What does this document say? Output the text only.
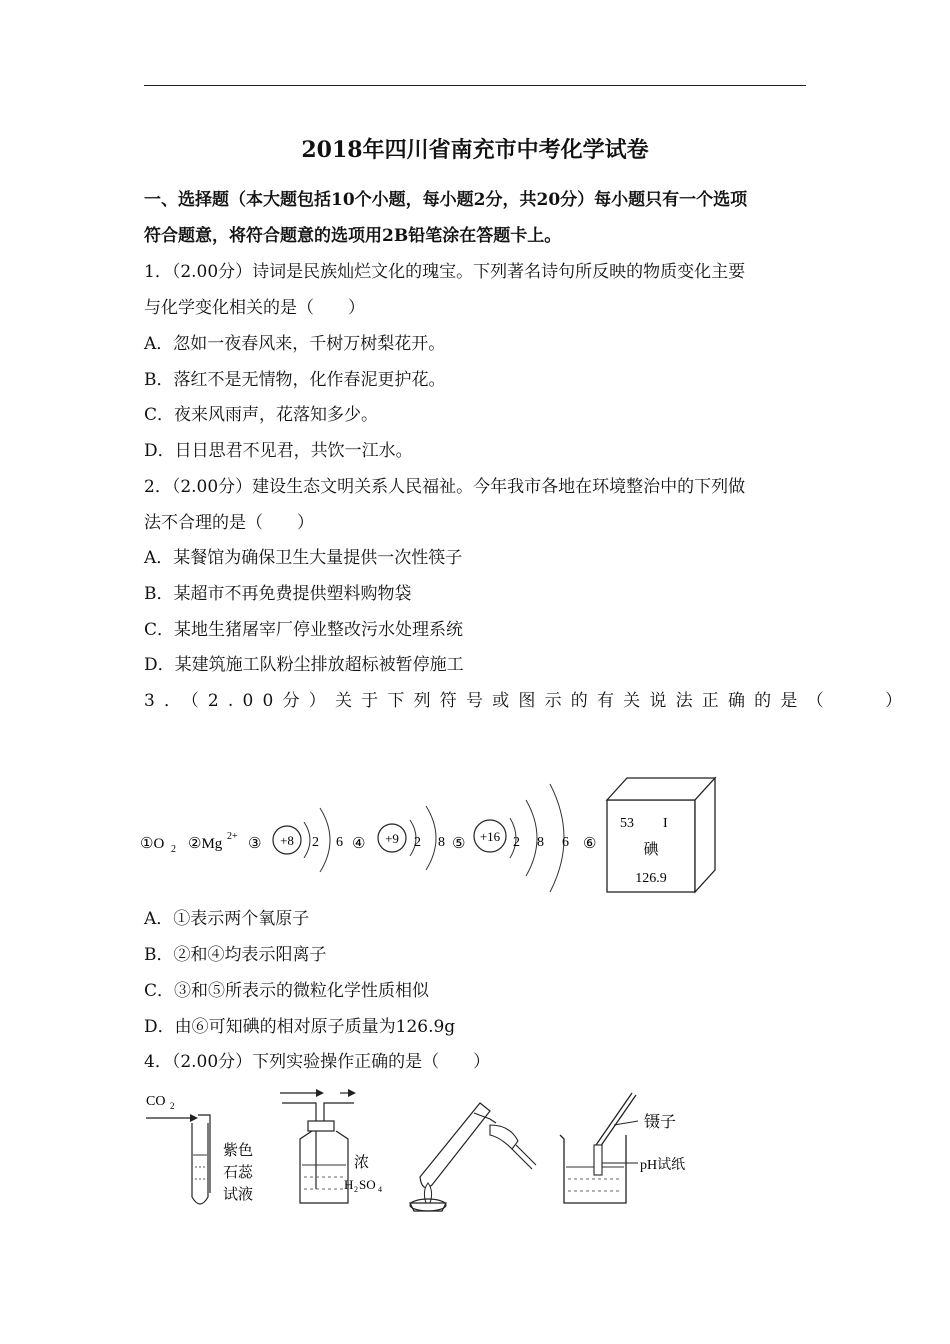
2018年四川省南充市中考化学试卷
一、选择题（本大题包括10个小题，每小题2分，共20分）每小题只有一个选项
符合题意，将符合题意的选项用2B铅笔涂在答题卡上。
1．（2.00分）诗词是民族灿烂文化的瑰宝。下列著名诗句所反映的物质变化主要
与化学变化相关的是（　　）
A．忽如一夜春风来，千树万树梨花开。
B．落红不是无情物，化作春泥更护花。
C．夜来风雨声，花落知多少。
D．日日思君不见君，共饮一江水。
2．（2.00分）建设生态文明关系人民福祉。今年我市各地在环境整治中的下列做
法不合理的是（　　）
A．某餐馆为确保卫生大量提供一次性筷子
B．某超市不再免费提供塑料购物袋
C．某地生猪屠宰厂停业整改污水处理系统
D．某建筑施工队粉尘排放超标被暂停施工
3．（2.00分）关于下列符号或图示的有关说法正确的是（　　）
①O 2 ②Mg 2+ ③ +8 2 6 ④ +9 2 8 ⑤ +16 2 8 6 ⑥
53 I
碘
126.9
A．①表示两个氧原子
B．②和④均表示阳离子
C．③和⑤所表示的微粒化学性质相似
D．由⑥可知碘的相对原子质量为126.9g
4．（2.00分）下列实验操作正确的是（　　）
CO 2
紫色
石蕊
试液
浓
H 2 SO 4
镊子
pH试纸
